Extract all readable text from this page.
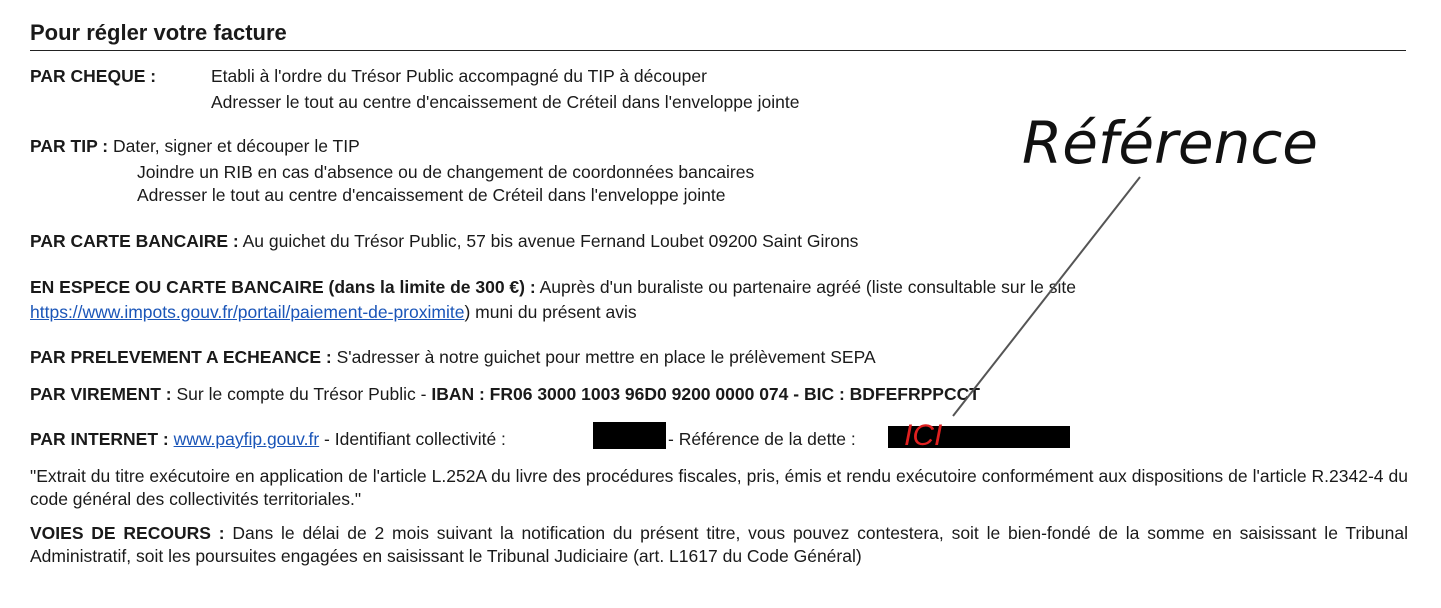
Pour régler votre facture
PAR CHEQUE :	Etabli à l'ordre du Trésor Public accompagné du TIP à découper
Adresser le tout au centre d'encaissement de Créteil dans l'enveloppe jointe
PAR TIP : Dater, signer et découper le TIP
Joindre un RIB en cas d'absence ou de changement de coordonnées bancaires
Adresser le tout au centre d'encaissement de Créteil dans l'enveloppe jointe
PAR CARTE BANCAIRE : Au guichet du Trésor Public, 57 bis avenue Fernand Loubet 09200 Saint Girons
EN ESPECE OU CARTE BANCAIRE (dans la limite de 300 €) : Auprès d'un buraliste ou partenaire agréé (liste consultable sur le site
https://www.impots.gouv.fr/portail/paiement-de-proximite) muni du présent avis
PAR PRELEVEMENT A ECHEANCE : S'adresser à notre guichet pour mettre en place le prélèvement SEPA
PAR VIREMENT : Sur le compte du Trésor Public - IBAN : FR06 3000 1003 96D0 9200 0000 074 - BIC : BDFEFRPPCCT
PAR INTERNET : www.payfip.gouv.fr - Identifiant collectivité :	- Référence de la dette : ICI
Référence
"Extrait du titre exécutoire en application de l'article L.252A du livre des procédures fiscales, pris, émis et rendu exécutoire conformément aux dispositions de l'article R.2342-4 du code général des collectivités territoriales."
VOIES DE RECOURS : Dans le délai de 2 mois suivant la notification du présent titre, vous pouvez contestera, soit le bien-fondé de la somme en saisissant le Tribunal Administratif, soit les poursuites engagées en saisissant le Tribunal Judiciaire (art. L1617 du Code Général)
